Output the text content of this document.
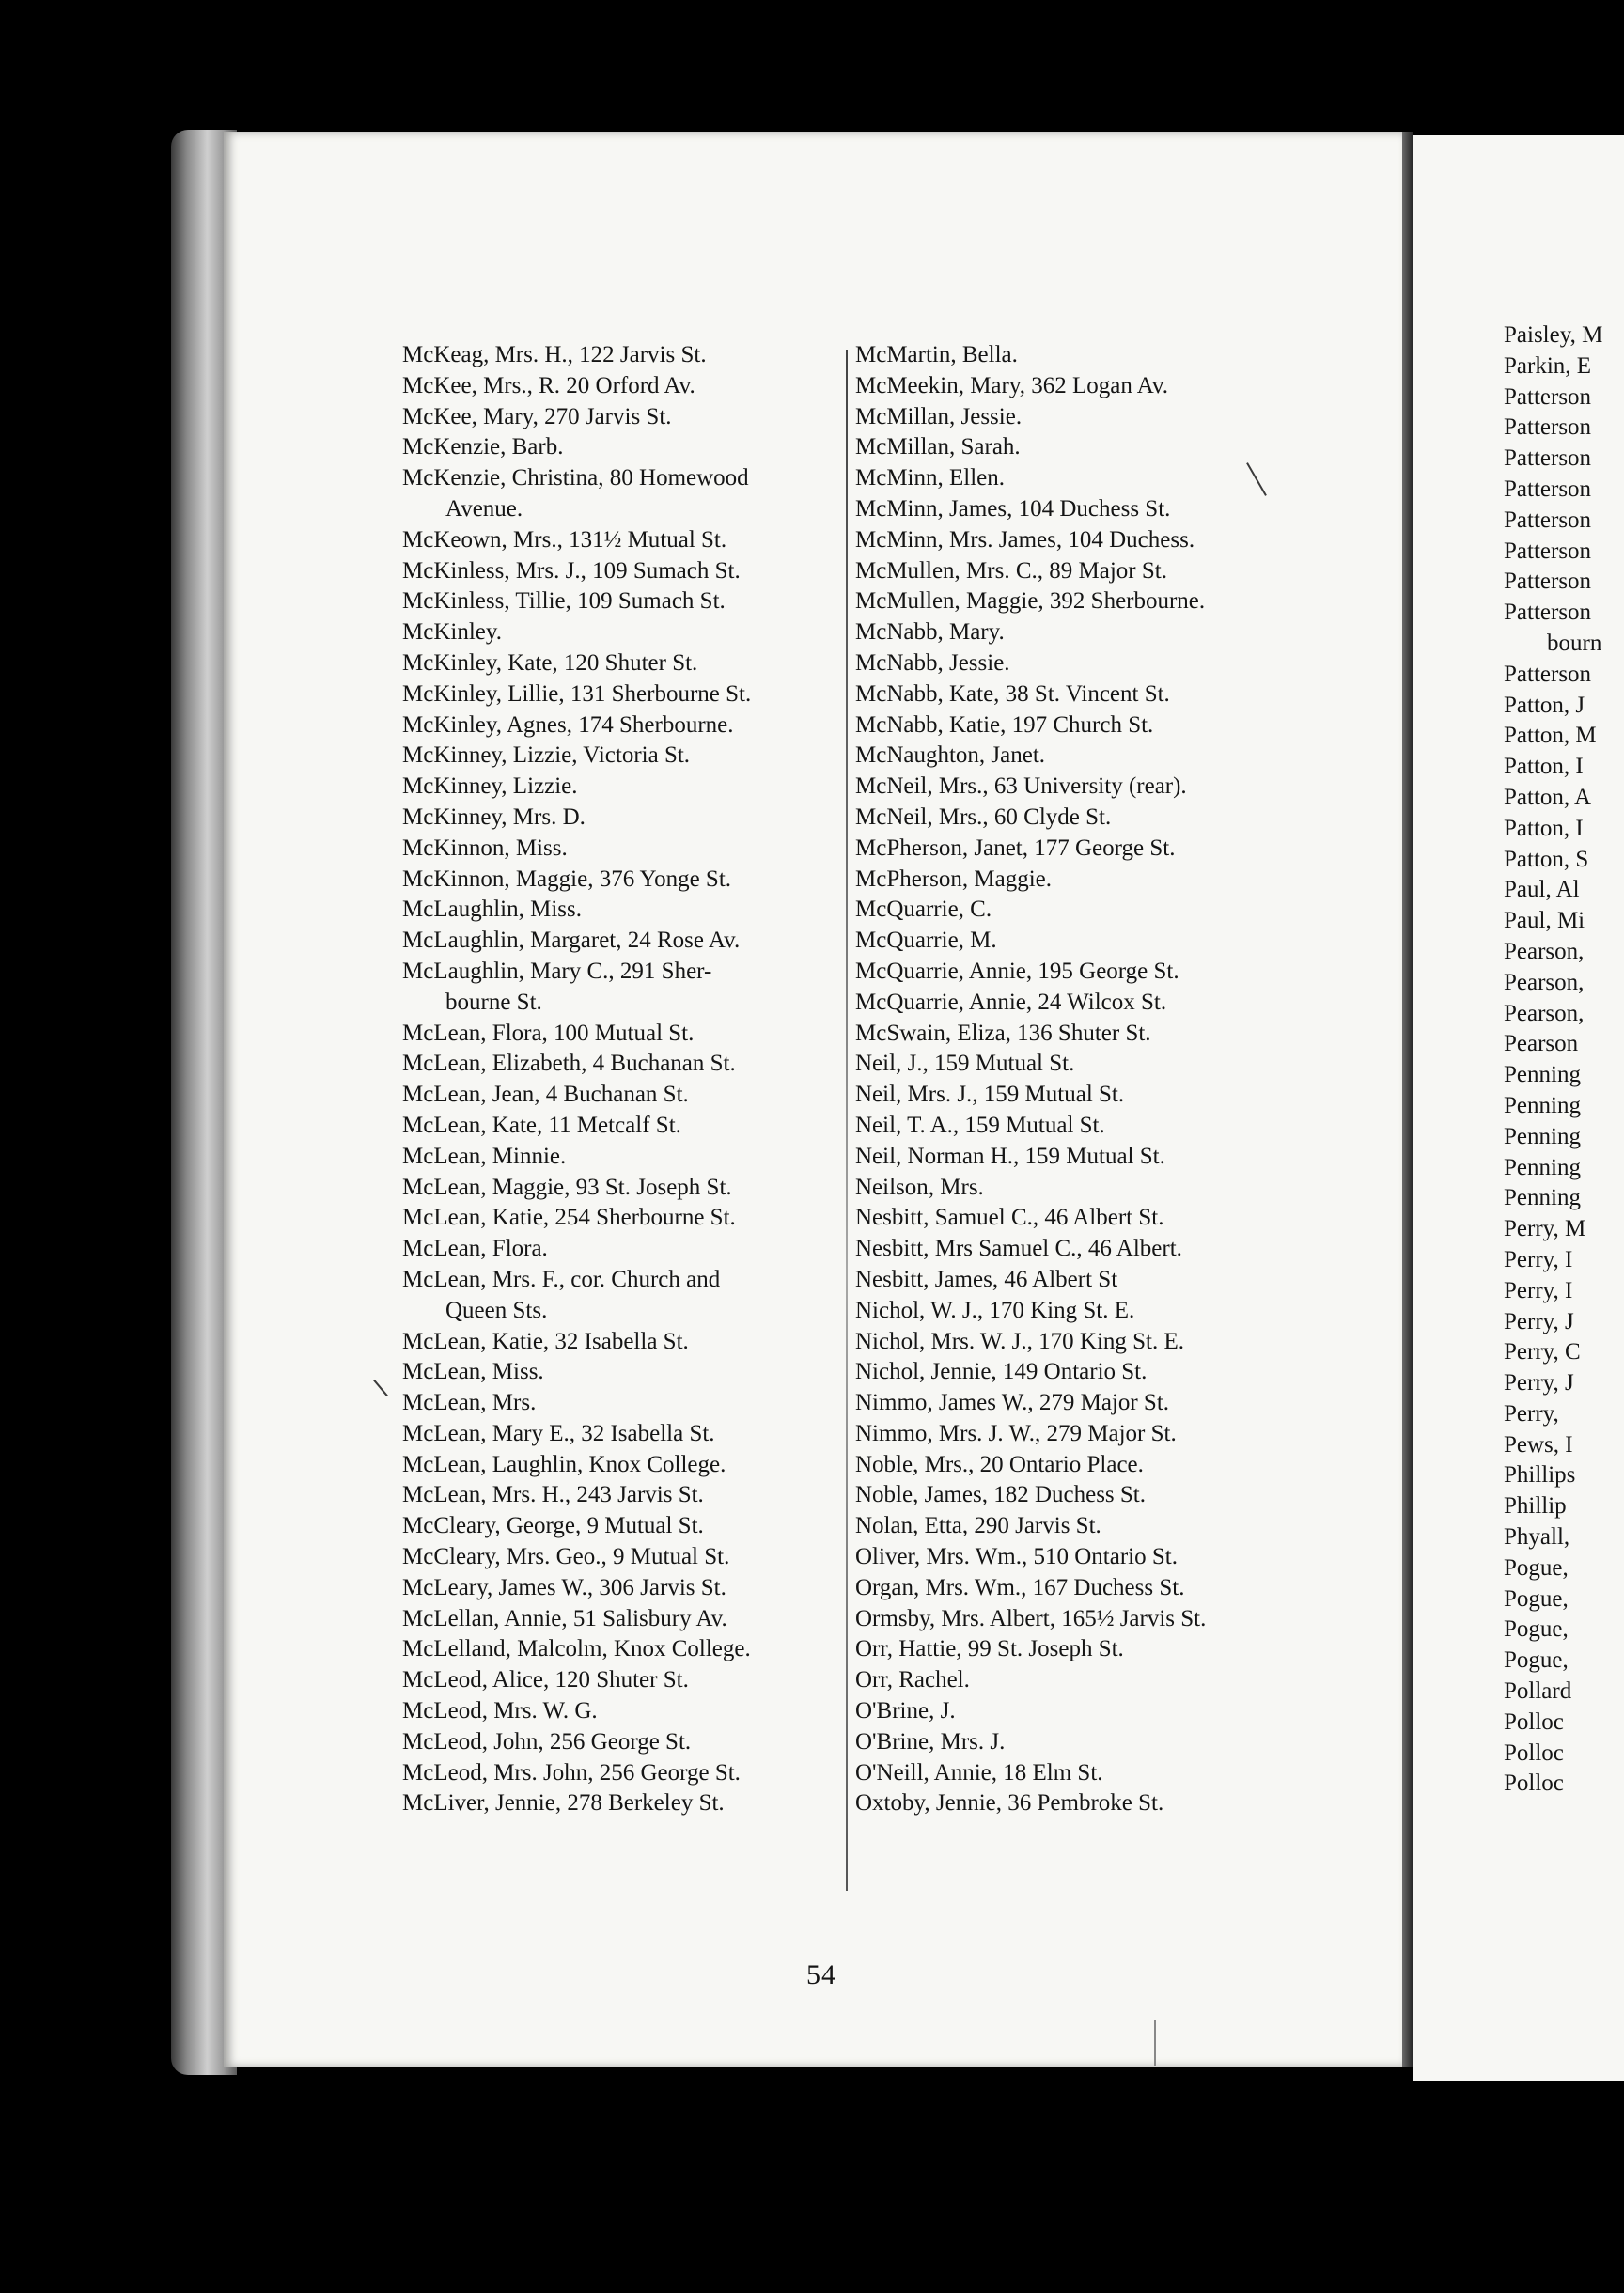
McKeag, Mrs. H., 122 Jarvis St.
McKee, Mrs., R. 20 Orford Av.
McKee, Mary, 270 Jarvis St.
McKenzie, Barb.
McKenzie, Christina, 80 Homewood
Avenue.
McKeown, Mrs., 131½ Mutual St.
McKinless, Mrs. J., 109 Sumach St.
McKinless, Tillie, 109 Sumach St.
McKinley.
McKinley, Kate, 120 Shuter St.
McKinley, Lillie, 131 Sherbourne St.
McKinley, Agnes, 174 Sherbourne.
McKinney, Lizzie, Victoria St.
McKinney, Lizzie.
McKinney, Mrs. D.
McKinnon, Miss.
McKinnon, Maggie, 376 Yonge St.
McLaughlin, Miss.
McLaughlin, Margaret, 24 Rose Av.
McLaughlin, Mary C., 291 Sher-
bourne St.
McLean, Flora, 100 Mutual St.
McLean, Elizabeth, 4 Buchanan St.
McLean, Jean, 4 Buchanan St.
McLean, Kate, 11 Metcalf St.
McLean, Minnie.
McLean, Maggie, 93 St. Joseph St.
McLean, Katie, 254 Sherbourne St.
McLean, Flora.
McLean, Mrs. F., cor. Church and
Queen Sts.
McLean, Katie, 32 Isabella St.
McLean, Miss.
McLean, Mrs.
McLean, Mary E., 32 Isabella St.
McLean, Laughlin, Knox College.
McLean, Mrs. H., 243 Jarvis St.
McCleary, George, 9 Mutual St.
McCleary, Mrs. Geo., 9 Mutual St.
McLeary, James W., 306 Jarvis St.
McLellan, Annie, 51 Salisbury Av.
McLelland, Malcolm, Knox College.
McLeod, Alice, 120 Shuter St.
McLeod, Mrs. W. G.
McLeod, John, 256 George St.
McLeod, Mrs. John, 256 George St.
McLiver, Jennie, 278 Berkeley St.
McMartin, Bella.
McMeekin, Mary, 362 Logan Av.
McMillan, Jessie.
McMillan, Sarah.
McMinn, Ellen.
McMinn, James, 104 Duchess St.
McMinn, Mrs. James, 104 Duchess.
McMullen, Mrs. C., 89 Major St.
McMullen, Maggie, 392 Sherbourne.
McNabb, Mary.
McNabb, Jessie.
McNabb, Kate, 38 St. Vincent St.
McNabb, Katie, 197 Church St.
McNaughton, Janet.
McNeil, Mrs., 63 University (rear).
McNeil, Mrs., 60 Clyde St.
McPherson, Janet, 177 George St.
McPherson, Maggie.
McQuarrie, C.
McQuarrie, M.
McQuarrie, Annie, 195 George St.
McQuarrie, Annie, 24 Wilcox St.
McSwain, Eliza, 136 Shuter St.
Neil, J., 159 Mutual St.
Neil, Mrs. J., 159 Mutual St.
Neil, T. A., 159 Mutual St.
Neil, Norman H., 159 Mutual St.
Neilson, Mrs.
Nesbitt, Samuel C., 46 Albert St.
Nesbitt, Mrs Samuel C., 46 Albert.
Nesbitt, James, 46 Albert St
Nichol, W. J., 170 King St. E.
Nichol, Mrs. W. J., 170 King St. E.
Nichol, Jennie, 149 Ontario St.
Nimmo, James W., 279 Major St.
Nimmo, Mrs. J. W., 279 Major St.
Noble, Mrs., 20 Ontario Place.
Noble, James, 182 Duchess St.
Nolan, Etta, 290 Jarvis St.
Oliver, Mrs. Wm., 510 Ontario St.
Organ, Mrs. Wm., 167 Duchess St.
Ormsby, Mrs. Albert, 165½ Jarvis St.
Orr, Hattie, 99 St. Joseph St.
Orr, Rachel.
O'Brine, J.
O'Brine, Mrs. J.
O'Neill, Annie, 18 Elm St.
Oxtoby, Jennie, 36 Pembroke St.
Paisley, M
Parkin, E
Patterson
Patterson
Patterson
Patterson
Patterson
Patterson
Patterson
Patterson
bourn
Patterson
Patton, J
Patton, M
Patton, I
Patton, A
Patton, I
Patton, S
Paul, Al
Paul, Mi
Pearson,
Pearson,
Pearson,
Pearson
Penning
Penning
Penning
Penning
Penning
Perry, M
Perry, I
Perry, I
Perry, J
Perry, C
Perry, J
Perry,
Pews, I
Phillips
Phillip
Phyall,
Pogue,
Pogue,
Pogue,
Pogue,
Pollard
Polloc
Polloc
Polloc
54
